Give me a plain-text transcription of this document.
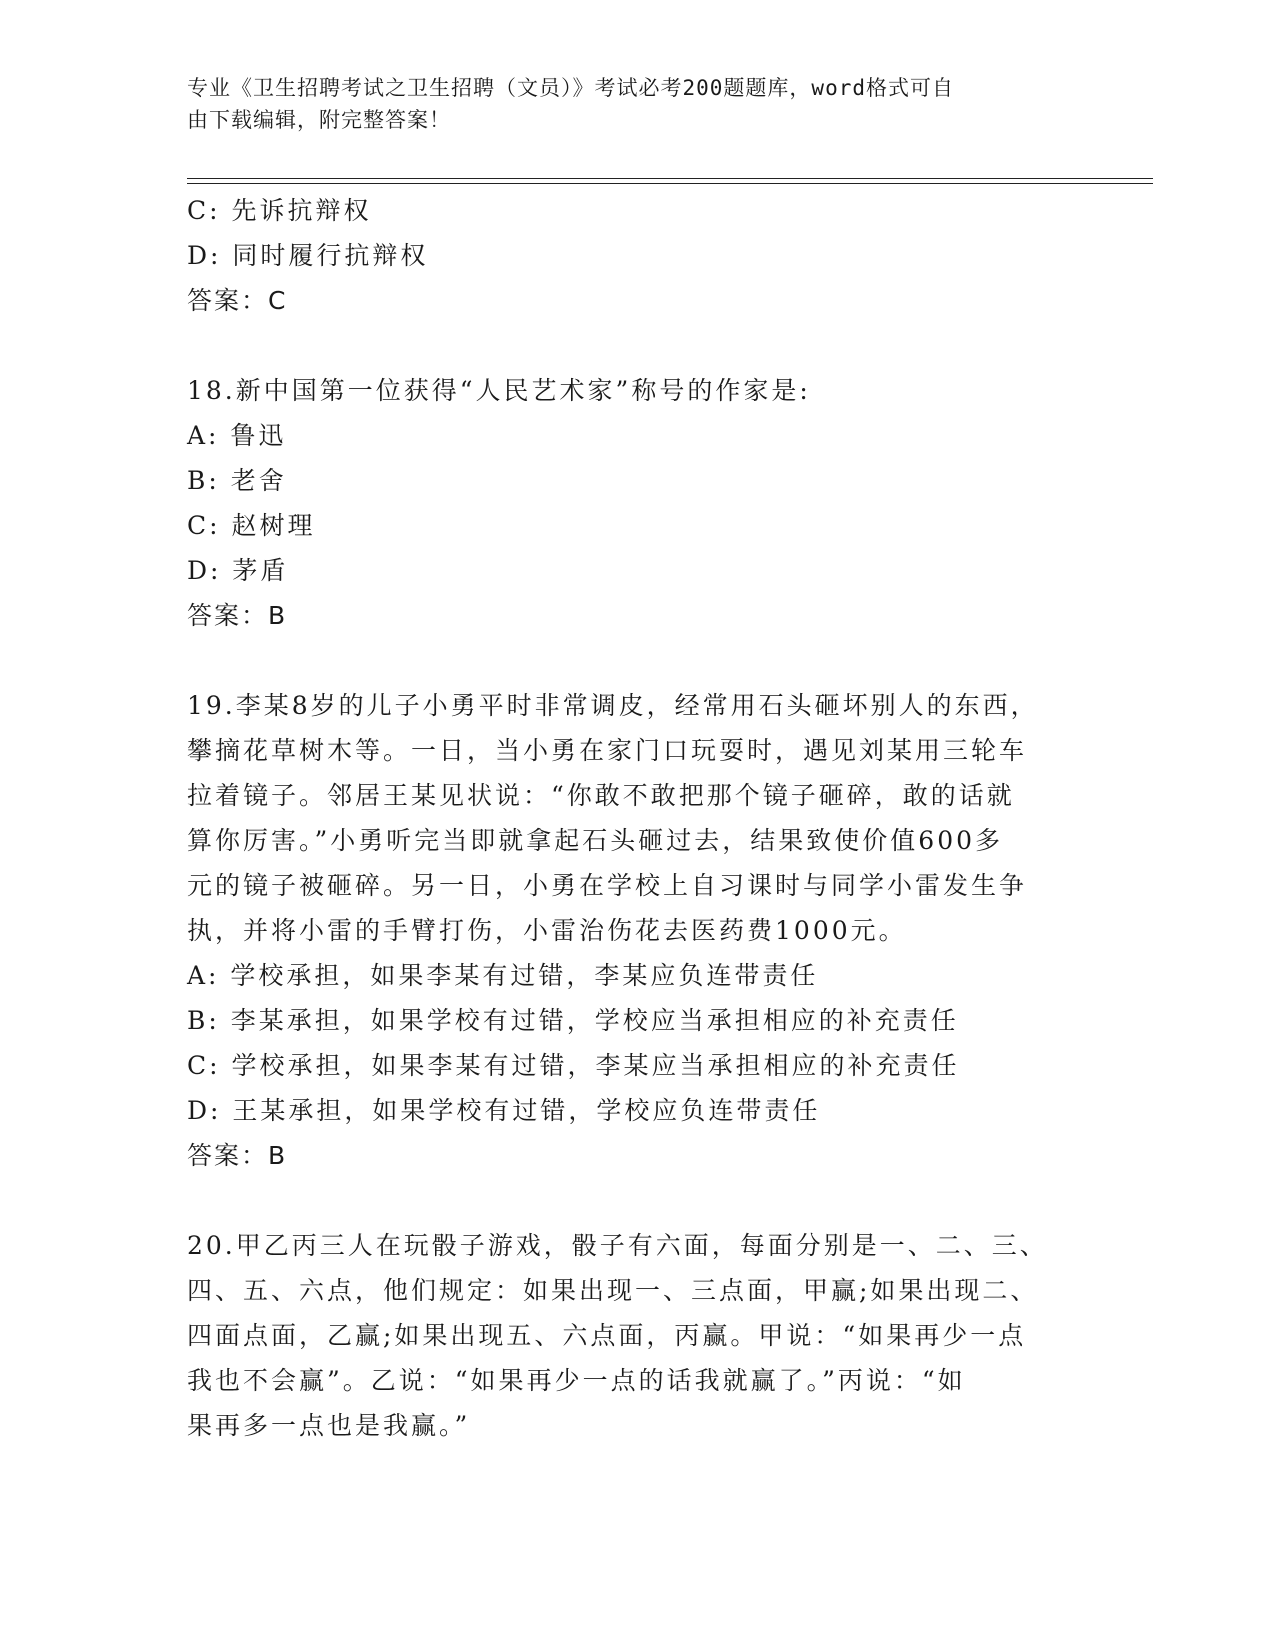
专业《卫生招聘考试之卫生招聘（文员）》考试必考200题题库，word格式可自
由下载编辑，附完整答案！
C: 先诉抗辩权
D: 同时履行抗辩权
答案：C
18.新中国第一位获得“人民艺术家”称号的作家是:
A: 鲁迅
B: 老舍
C: 赵树理
D: 茅盾
答案：B
19.李某8岁的儿子小勇平时非常调皮，经常用石头砸坏别人的东西，
攀摘花草树木等。一日，当小勇在家门口玩耍时，遇见刘某用三轮车
拉着镜子。邻居王某见状说：“你敢不敢把那个镜子砸碎，敢的话就
算你厉害。”小勇听完当即就拿起石头砸过去，结果致使价值600多
元的镜子被砸碎。另一日，小勇在学校上自习课时与同学小雷发生争
执，并将小雷的手臂打伤，小雷治伤花去医药费1000元。
A: 学校承担，如果李某有过错，李某应负连带责任
B: 李某承担，如果学校有过错，学校应当承担相应的补充责任
C: 学校承担，如果李某有过错，李某应当承担相应的补充责任
D: 王某承担，如果学校有过错，学校应负连带责任
答案：B
20.甲乙丙三人在玩骰子游戏，骰子有六面，每面分别是一、二、三、
四、五、六点，他们规定：如果出现一、三点面，甲赢;如果出现二、
四面点面，乙赢;如果出现五、六点面，丙赢。甲说：“如果再少一点
我也不会赢”。乙说：“如果再少一点的话我就赢了。”丙说：“如
果再多一点也是我赢。”
